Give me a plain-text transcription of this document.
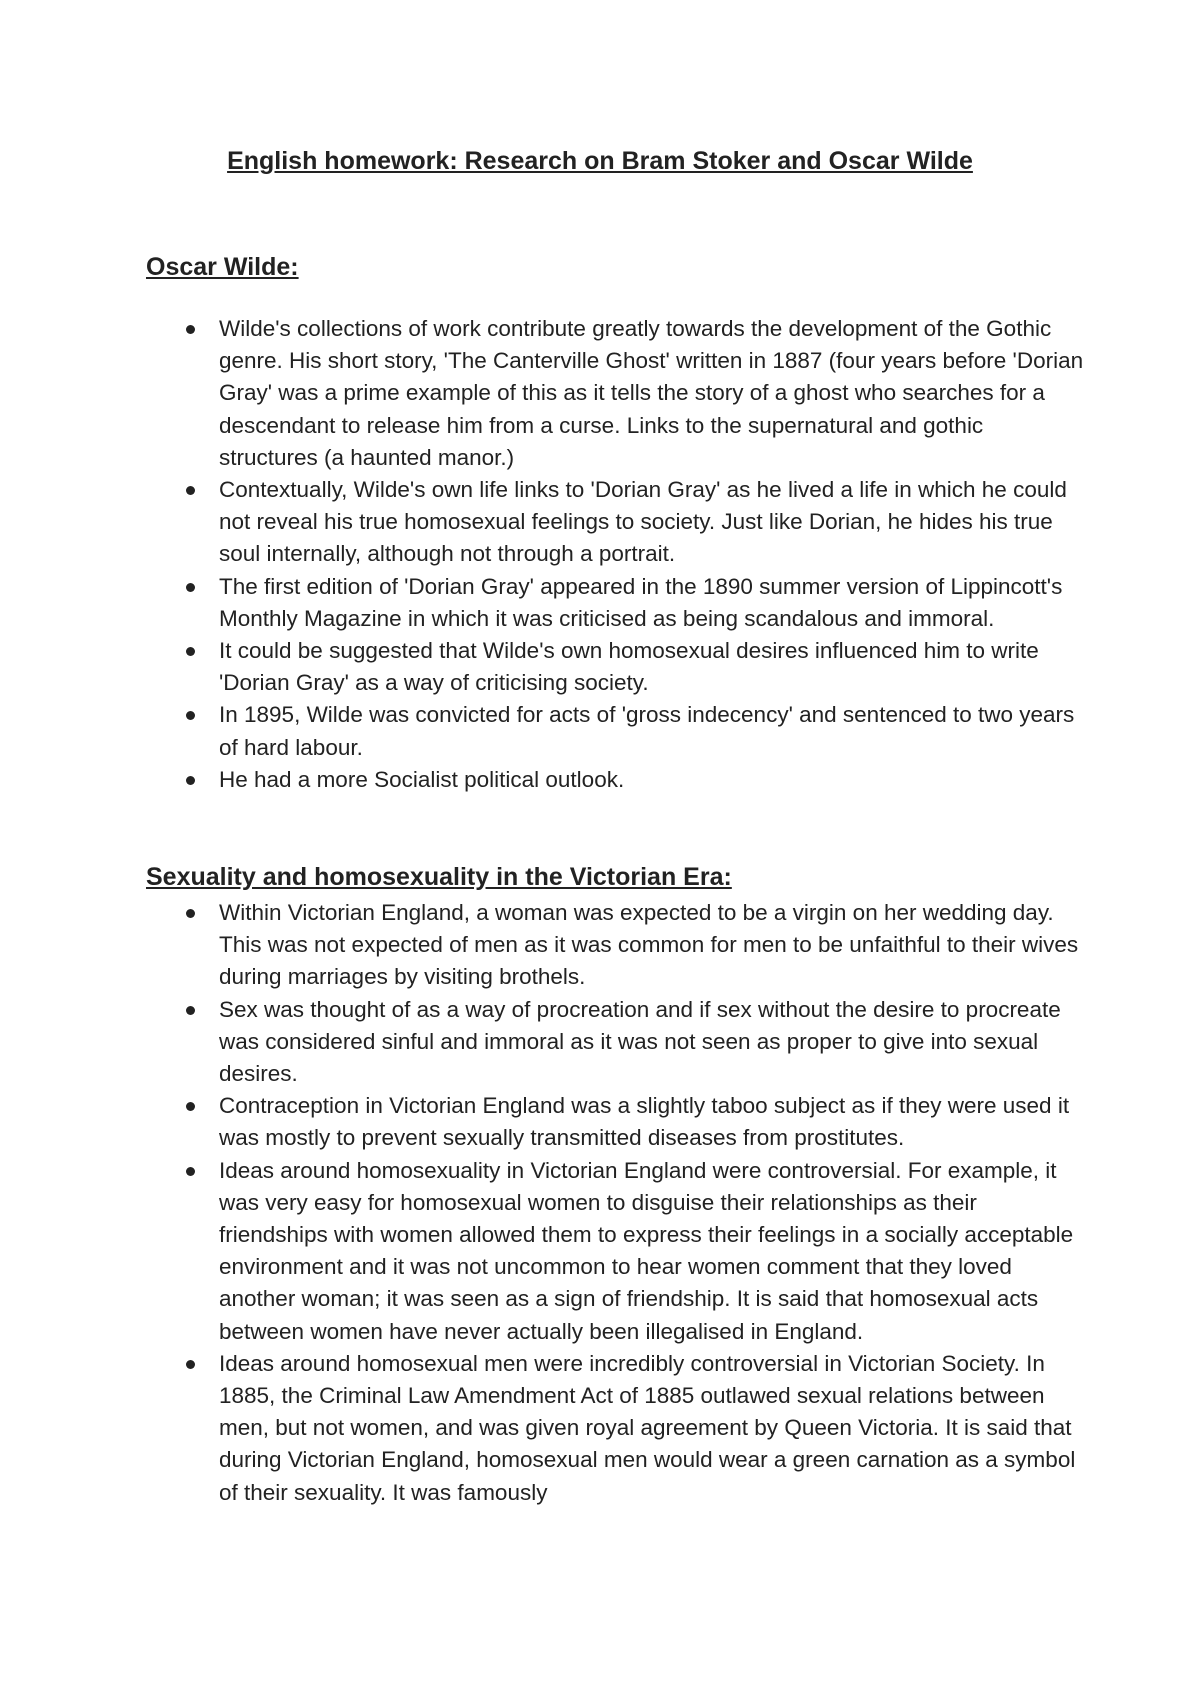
English homework: Research on Bram Stoker and Oscar Wilde
Oscar Wilde:
Wilde's collections of work contribute greatly towards the development of the Gothic genre. His short story, 'The Canterville Ghost' written in 1887 (four years before 'Dorian Gray' was a prime example of this as it tells the story of a ghost who searches for a descendant to release him from a curse. Links to the supernatural and gothic structures (a haunted manor.)
Contextually, Wilde's own life links to 'Dorian Gray' as he lived a life in which he could not reveal his true homosexual feelings to society. Just like Dorian, he hides his true soul internally, although not through a portrait.
The first edition of 'Dorian Gray' appeared in the 1890 summer version of Lippincott's Monthly Magazine in which it was criticised as being scandalous and immoral.
It could be suggested that Wilde's own homosexual desires influenced him to write 'Dorian Gray' as a way of criticising society.
In 1895, Wilde was convicted for acts of 'gross indecency' and sentenced to two years of hard labour.
He had a more Socialist political outlook.
Sexuality and homosexuality in the Victorian Era:
Within Victorian England, a woman was expected to be a virgin on her wedding day. This was not expected of men as it was common for men to be unfaithful to their wives during marriages by visiting brothels.
Sex was thought of as a way of procreation and if sex without the desire to procreate was considered sinful and immoral as it was not seen as proper to give into sexual desires.
Contraception in Victorian England was a slightly taboo subject as if they were used it was mostly to prevent sexually transmitted diseases from prostitutes.
Ideas around homosexuality in Victorian England were controversial. For example, it was very easy for homosexual women to disguise their relationships as their friendships with women allowed them to express their feelings in a socially acceptable environment and it was not uncommon to hear women comment that they loved another woman; it was seen as a sign of friendship. It is said that homosexual acts between women have never actually been illegalised in England.
Ideas around homosexual men were incredibly controversial in Victorian Society. In 1885, the Criminal Law Amendment Act of 1885 outlawed sexual relations between men, but not women, and was given royal agreement by Queen Victoria. It is said that during Victorian England, homosexual men would wear a green carnation as a symbol of their sexuality. It was famously
